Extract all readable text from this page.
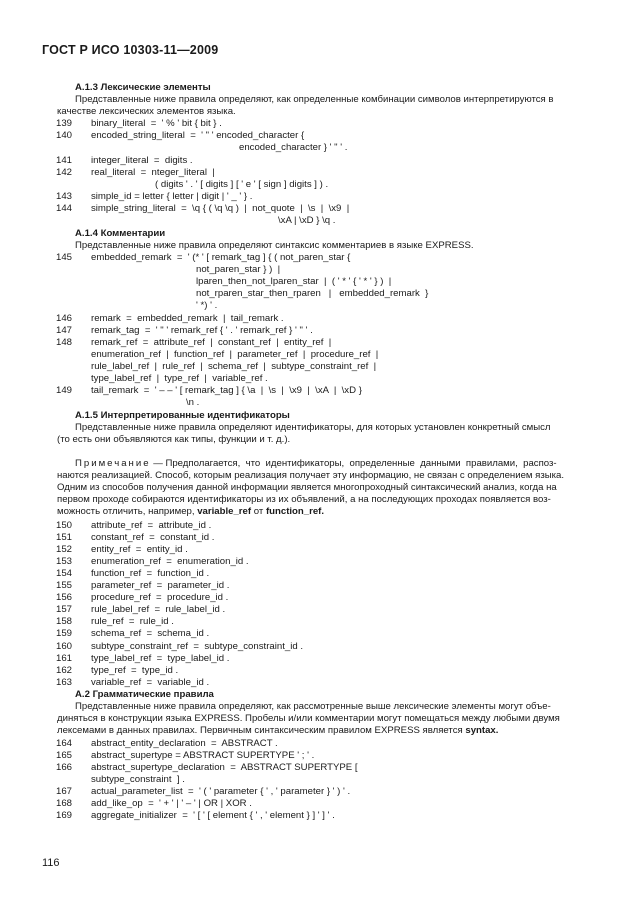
ГОСТ Р ИСО 10303-11—2009
A.1.3 Лексические элементы
Представленные ниже правила определяют, как определенные комбинации символов интерпретируются в
качестве лексических элементов языка.
139 binary_literal  =  ' % ' bit { bit } .
140 encoded_string_literal  =  ' " ' encoded_character {
encoded_character } ' " ' .
141 integer_literal  =  digits .
142 real_literal  =  nteger_literal  |
( digits ' . ' [ digits ] [ ' e ' [ sign ] digits ] ) .
143 simple_id = letter { letter | digit | ' _ ' } .
144 simple_string_literal  =  \q { ( \q \q )  |  not_quote  |  \s  |  \x9  |
\xA | \xD } \q .
A.1.4 Комментарии
Представленные ниже правила определяют синтаксис комментариев в языке EXPRESS.
145 embedded_remark  =  ' (* ' [ remark_tag ] { ( not_paren_star {
not_paren_star } )  |
lparen_then_not_lparen_star  |  ( ' * ' { ' * ' } )  |
not_rparen_star_then_rparen   |   embedded_remark  }
' *) ' .
146 remark  =  embedded_remark  |  tail_remark .
147 remark_tag  =  ' " ' remark_ref { ' . ' remark_ref } ' " ' .
148 remark_ref  =  attribute_ref  |  constant_ref  |  entity_ref  |
enumeration_ref  |  function_ref  |  parameter_ref  |  procedure_ref  |
rule_label_ref  |  rule_ref  |  schema_ref  |  subtype_constraint_ref  |
type_label_ref  |  type_ref  |  variable_ref .
149 tail_remark  =  ' – – ' [ remark_tag ] { \a  |  \s  |  \x9  |  \xA  |  \xD }
\n .
A.1.5 Интерпретированные идентификаторы
Представленные ниже правила определяют идентификаторы, для которых установлен конкретный смысл
(то есть они объявляются как типы, функции и т. д.).
Примечание — Предполагается,  что  идентификаторы,  определенные  данными  правилами,  распоз-
наются реализацией. Способ, которым реализация получает эту информацию, не связан с определением языка.
Одним из способов получения данной информации является многопроходный синтаксический анализ, когда на
первом проходе собираются идентификаторы из их объявлений, а на последующих проходах появляется воз-
можность отличить, например, variable_ref от function_ref.
150 attribute_ref  =  attribute_id .
151 constant_ref  =  constant_id .
152 entity_ref  =  entity_id .
153 enumeration_ref  =  enumeration_id .
154 function_ref  =  function_id .
155 parameter_ref  =  parameter_id .
156 procedure_ref  =  procedure_id .
157 rule_label_ref  =  rule_label_id .
158 rule_ref  =  rule_id .
159 schema_ref  =  schema_id .
160 subtype_constraint_ref  =  subtype_constraint_id .
161 type_label_ref  =  type_label_id .
162 type_ref  =  type_id .
163 variable_ref  =  variable_id .
A.2 Грамматические правила
Представленные ниже правила определяют, как рассмотренные выше лексические элементы могут объе-
диняться в конструкции языка EXPRESS. Пробелы и/или комментарии могут помещаться между любыми двумя
лексемами в данных правилах. Первичным синтаксическим правилом EXPRESS является syntax.
164 abstract_entity_declaration  =  ABSTRACT .
165 abstract_supertype = ABSTRACT SUPERTYPE ' ; ' .
166 abstract_supertype_declaration  =  ABSTRACT SUPERTYPE [
subtype_constraint  ] .
167 actual_parameter_list  =  ' ( ' parameter { ' , ' parameter } ' ) ' .
168 add_like_op  =  ' + ' | ' – ' | OR | XOR .
169 aggregate_initializer  =  ' [ ' [ element { ' , ' element } ] ' ] ' .
116
